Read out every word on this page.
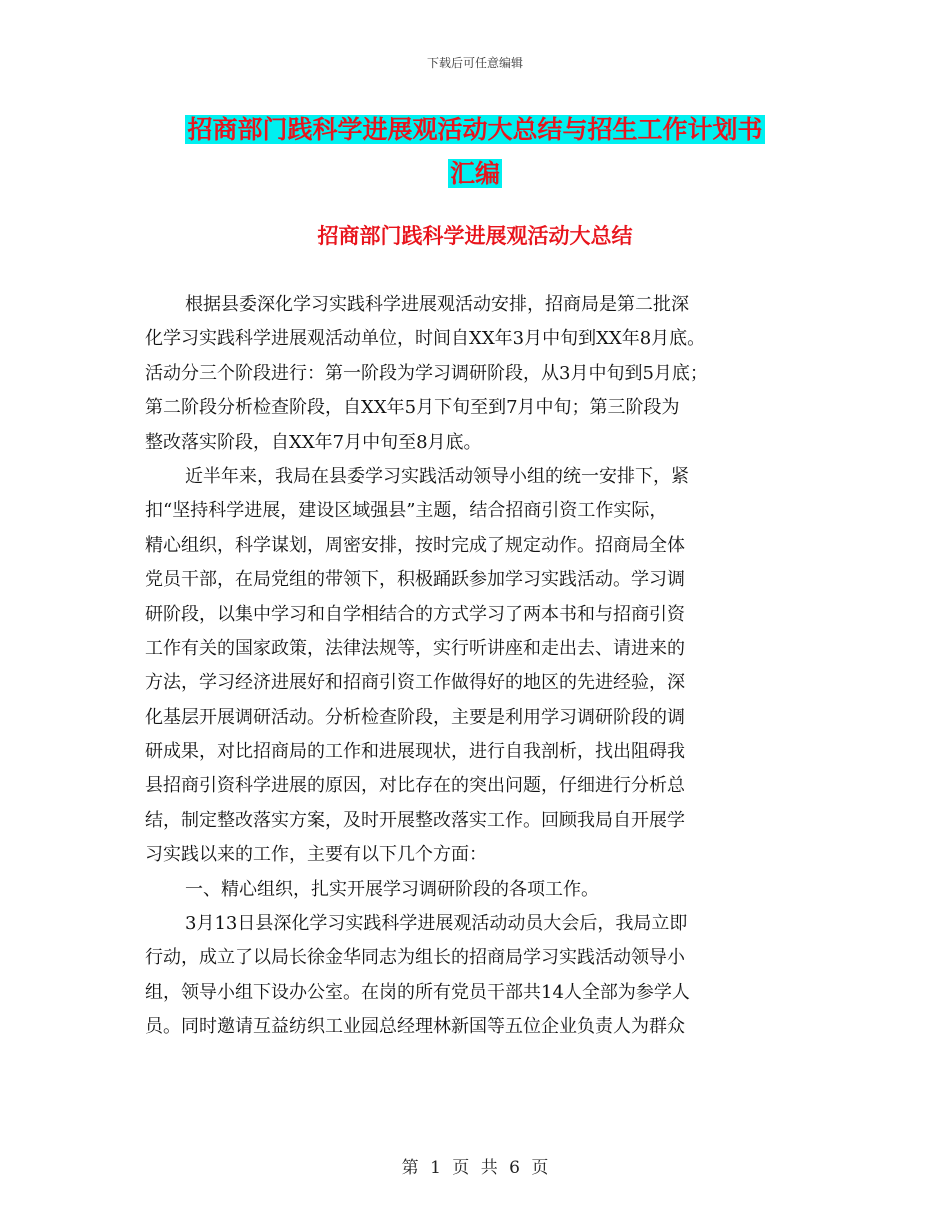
下载后可任意编辑
招商部门践科学进展观活动大总结与招生工作计划书
汇编
招商部门践科学进展观活动大总结
根据县委深化学习实践科学进展观活动安排，招商局是第二批深
化学习实践科学进展观活动单位，时间自XX年3月中旬到XX年8月底。
活动分三个阶段进行：第一阶段为学习调研阶段，从3月中旬到5月底；
第二阶段分析检查阶段，自XX年5月下旬至到7月中旬；第三阶段为
整改落实阶段，自XX年7月中旬至8月底。
近半年来，我局在县委学习实践活动领导小组的统一安排下，紧
扣“坚持科学进展，建设区域强县”主题，结合招商引资工作实际，
精心组织，科学谋划，周密安排，按时完成了规定动作。招商局全体
党员干部，在局党组的带领下，积极踊跃参加学习实践活动。学习调
研阶段，以集中学习和自学相结合的方式学习了两本书和与招商引资
工作有关的国家政策，法律法规等，实行听讲座和走出去、请进来的
方法，学习经济进展好和招商引资工作做得好的地区的先进经验，深
化基层开展调研活动。分析检查阶段，主要是利用学习调研阶段的调
研成果，对比招商局的工作和进展现状，进行自我剖析，找出阻碍我
县招商引资科学进展的原因，对比存在的突出问题，仔细进行分析总
结，制定整改落实方案，及时开展整改落实工作。回顾我局自开展学
习实践以来的工作，主要有以下几个方面：
一、精心组织，扎实开展学习调研阶段的各项工作。
3月13日县深化学习实践科学进展观活动动员大会后，我局立即
行动，成立了以局长徐金华同志为组长的招商局学习实践活动领导小
组，领导小组下设办公室。在岗的所有党员干部共14人全部为参学人
员。同时邀请互益纺织工业园总经理林新国等五位企业负责人为群众
第 1 页 共 6 页
